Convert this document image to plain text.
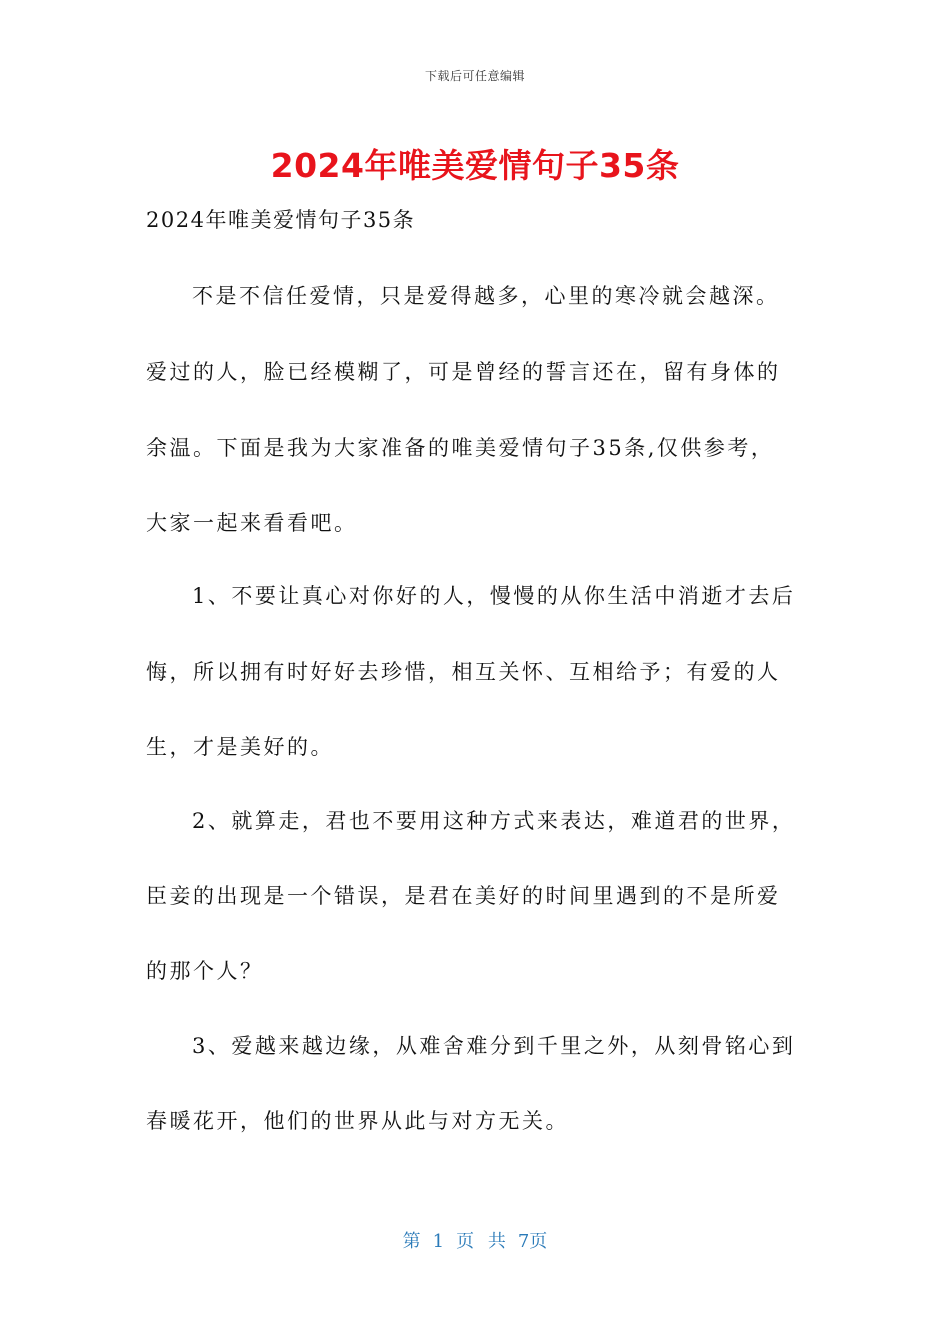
下载后可任意编辑
2024年唯美爱情句子35条
2024年唯美爱情句子35条
不是不信任爱情，只是爱得越多，心里的寒冷就会越深。
爱过的人，脸已经模糊了，可是曾经的誓言还在，留有身体的
余温。下面是我为大家准备的唯美爱情句子35条,仅供参考，
大家一起来看看吧。
1、不要让真心对你好的人，慢慢的从你生活中消逝才去后
悔，所以拥有时好好去珍惜，相互关怀、互相给予；有爱的人
生，才是美好的。
2、就算走，君也不要用这种方式来表达，难道君的世界，
臣妾的出现是一个错误，是君在美好的时间里遇到的不是所爱
的那个人？
3、爱越来越边缘，从难舍难分到千里之外，从刻骨铭心到
春暖花开，他们的世界从此与对方无关。
第 1 页 共 7页
